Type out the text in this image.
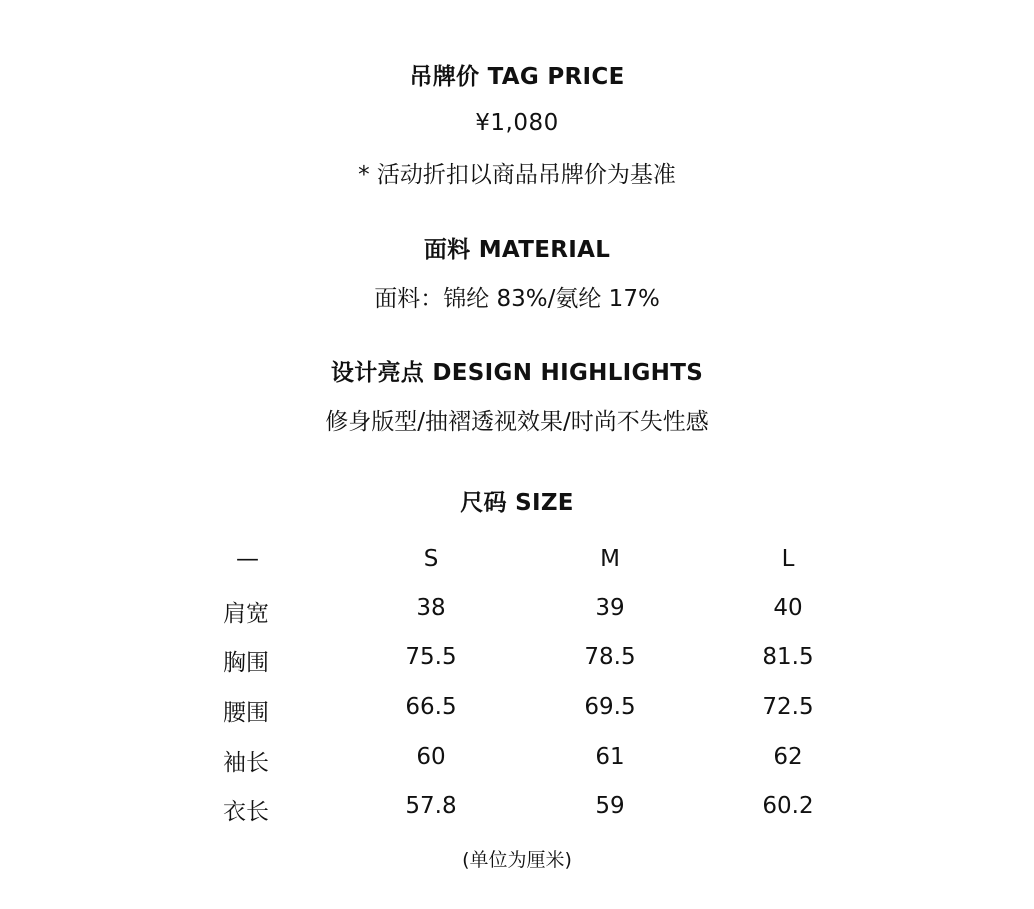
吊牌价 TAG PRICE
¥1,080
* 活动折扣以商品吊牌价为基准
面料 MATERIAL
面料：锦纶 83%/氨纶 17%
设计亮点 DESIGN HIGHLIGHTS
修身版型/抽褶透视效果/时尚不失性感
尺码 SIZE
—	S	M	L
肩宽	38	39	40
胸围	75.5	78.5	81.5
腰围	66.5	69.5	72.5
袖长	60	61	62
衣长	57.8	59	60.2
(单位为厘米)
